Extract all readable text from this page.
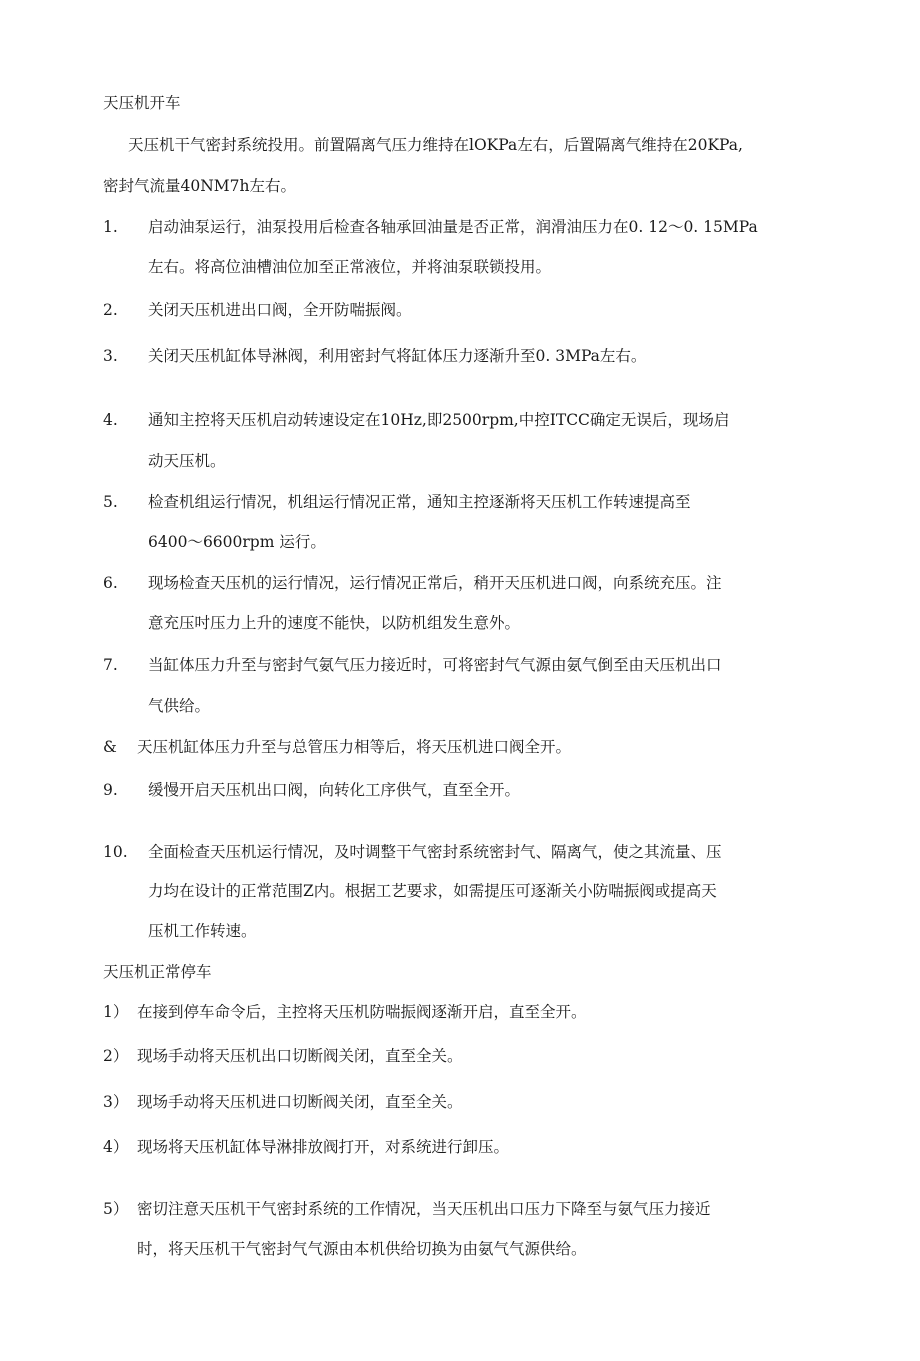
天压机开车
天压机干气密封系统投用。前置隔离气压力维持在lOKPa左右，后置隔离气维持在20KPa,
密封气流量40NM7h左右。
1. 启动油泵运行，油泵投用后检查各轴承回油量是否正常，润滑油压力在0. 12～0. 15MPa
左右。将高位油槽油位加至正常液位，并将油泵联锁投用。
2. 关闭天压机进出口阀，全开防喘振阀。
3. 关闭天压机缸体导淋阀，利用密封气将缸体压力逐渐升至0. 3MPa左右。
4. 通知主控将天压机启动转速设定在10Hz,即2500rpm,中控ITCC确定无误后，现场启
动天压机。
5. 检查机组运行情况，机组运行情况正常，通知主控逐渐将天压机工作转速提高至
6400～6600rpm 运行。
6. 现场检查天压机的运行情况，运行情况正常后，稍开天压机进口阀，向系统充压。注
意充压吋压力上升的速度不能快，以防机组发生意外。
7. 当缸体压力升至与密封气氨气压力接近时，可将密封气气源由氨气倒至由天压机出口
气供给。
& 天压机缸体压力升至与总管压力相等后，将天压机进口阀全开。
9. 缓慢开启天压机出口阀，向转化工序供气，直至全开。
10. 全面检查天压机运行情况，及吋调整干气密封系统密封气、隔离气，使之其流量、压
力均在设计的正常范围Z内。根据工艺要求，如需提压可逐渐关小防喘振阀或提高天
压机工作转速。
天压机正常停车
1） 在接到停车命令后，主控将天压机防喘振阀逐渐开启，直至全开。
2） 现场手动将天压机出口切断阀关闭，直至全关。
3） 现场手动将天压机进口切断阀关闭，直至全关。
4） 现场将天压机缸体导淋排放阀打开，对系统进行卸压。
5） 密切注意天压机干气密封系统的工作情况，当天压机出口压力下降至与氨气压力接近
时，将天压机干气密封气气源由本机供给切换为由氨气气源供给。
